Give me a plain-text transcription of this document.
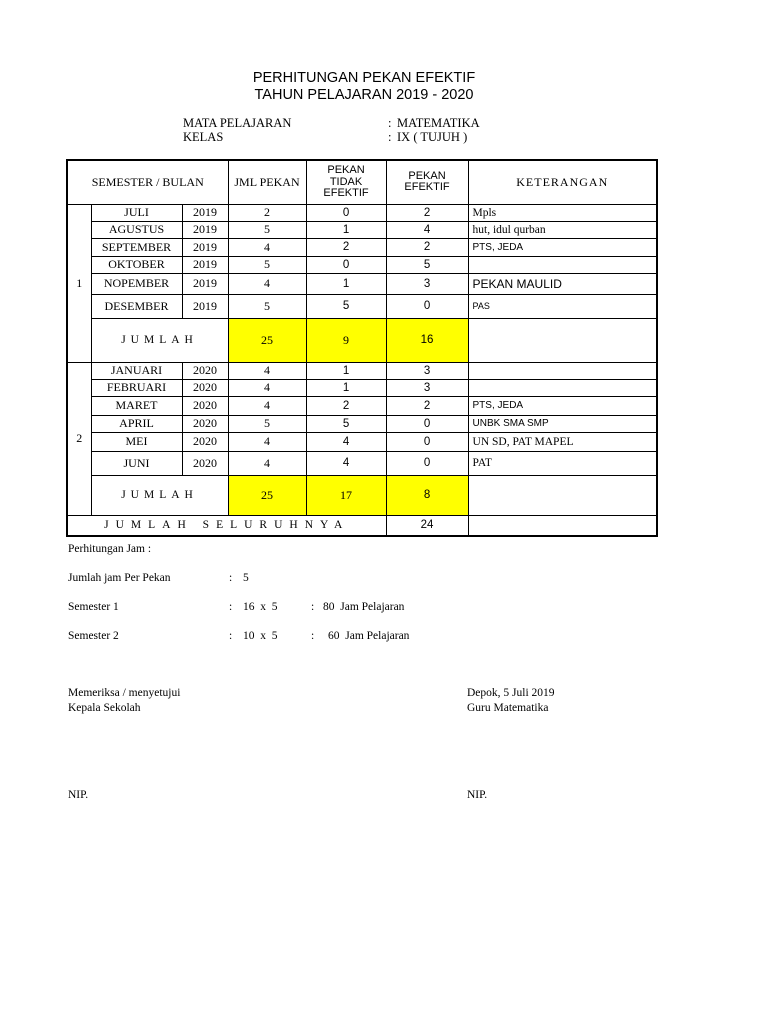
PERHITUNGAN PEKAN EFEKTIF
TAHUN PELAJARAN 2019 - 2020
MATA PELAJARAN	: MATEMATIKA
KELAS	: IX ( TUJUH )
SEMESTER / BULAN			JML PEKAN	PEKAN TIDAK EFEKTIF	PEKAN EFEKTIF	KETERANGAN
1	JULI	2019	2	0	2	Mpls
	AGUSTUS	2019	5	1	4	hut, idul qurban
	SEPTEMBER	2019	4	2	2	PTS, JEDA
	OKTOBER	2019	5	0	5	
	NOPEMBER	2019	4	1	3	PEKAN MAULID
	DESEMBER	2019	5	5	0	PAS
	JUMLAH		25	9	16	
2	JANUARI	2020	4	1	3	
	FEBRUARI	2020	4	1	3	
	MARET	2020	4	2	2	PTS, JEDA
	APRIL	2020	5	5	0	UNBK SMA SMP
	MEI	2020	4	4	0	UN SD, PAT MAPEL
	JUNI	2020	4	4	0	PAT
	JUMLAH		25	17	8	
JUMLAH SELURUHNYA					24	
Perhitungan Jam :
Jumlah jam Per Pekan	: 5
Semester 1	: 16  x  5	: 80  Jam Pelajaran
Semester 2	: 10  x  5	: 60  Jam Pelajaran
Memeriksa / menyetujui
Kepala Sekolah
NIP.
Depok, 5 Juli 2019
Guru Matematika
NIP.
